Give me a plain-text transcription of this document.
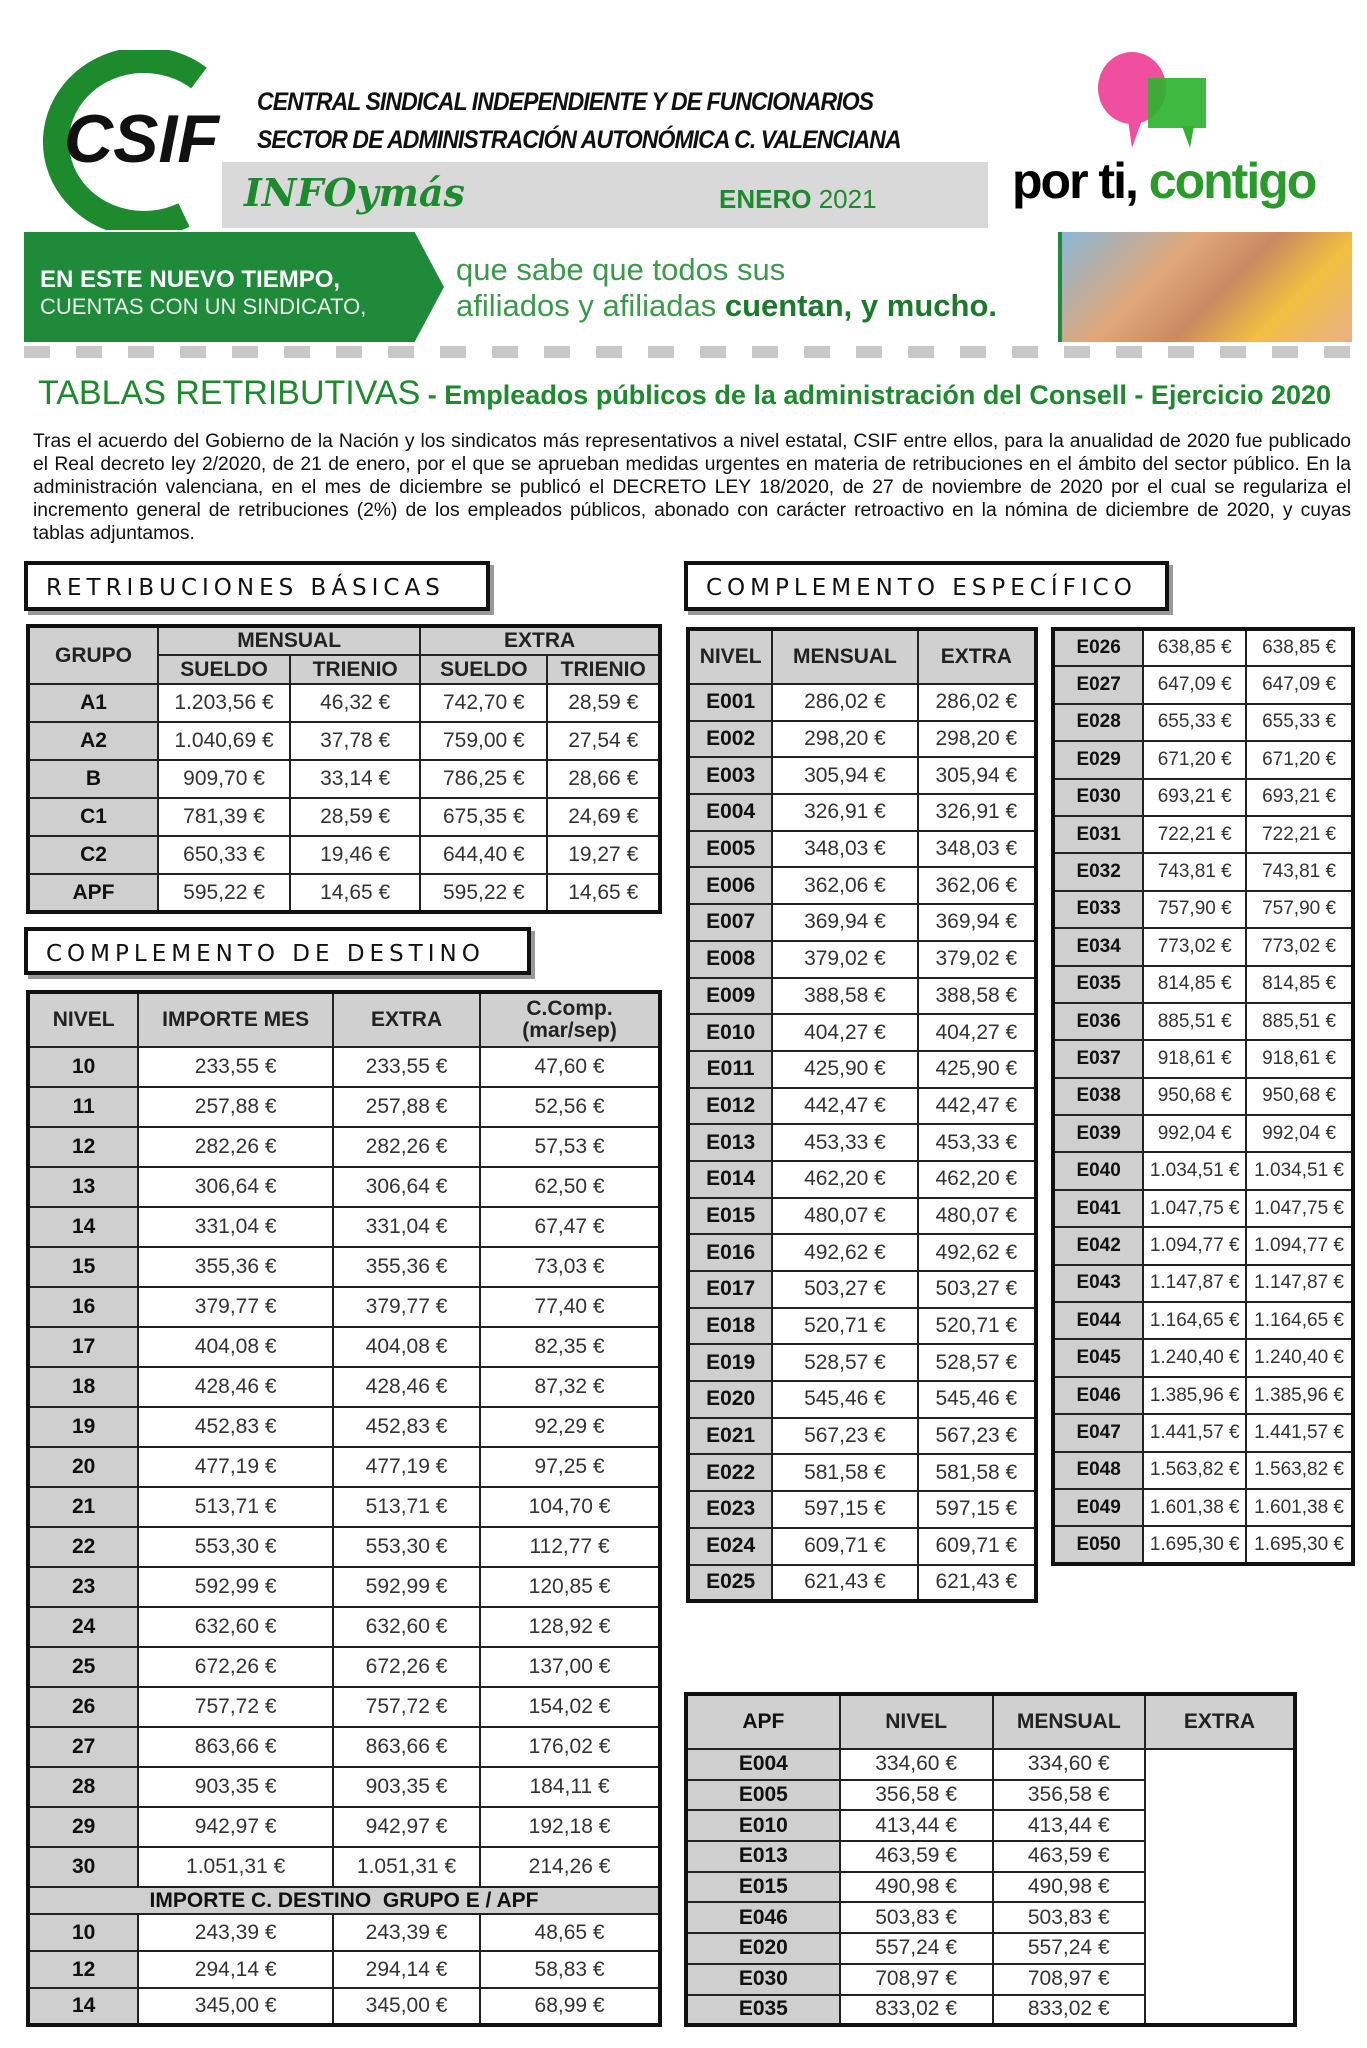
CSIF CENTRAL SINDICAL INDEPENDIENTE Y DE FUNCIONARIOS
SECTOR DE ADMINISTRACIÓN AUTONÓMICA C. VALENCIANA
INFOymás	ENERO 2021	por ti, contigo
EN ESTE NUEVO TIEMPO,
CUENTAS CON UN SINDICATO,
que sabe que todos sus
afiliados y afiliadas cuentan, y mucho.
TABLAS RETRIBUTIVAS - Empleados públicos de la administración del Consell - Ejercicio 2020
Tras el acuerdo del Gobierno de la Nación y los sindicatos más representativos a nivel estatal, CSIF entre ellos, para la anualidad de 2020 fue publicado el Real decreto ley 2/2020, de 21 de enero, por el que se aprueban medidas urgentes en materia de retribuciones en el ámbito del sector público. En la administración valenciana, en el mes de diciembre se publicó el DECRETO LEY 18/2020, de 27 de noviembre de 2020 por el cual se regulariza el incremento general de retribuciones (2%) de los empleados públicos, abonado con carácter retroactivo en la nómina de diciembre de 2020, y cuyas tablas adjuntamos.
RETRIBUCIONES BÁSICAS	COMPLEMENTO ESPECÍFICO
COMPLEMENTO DE DESTINO
GRUPO	MENSUAL		EXTRA	
	SUELDO	TRIENIO	SUELDO	TRIENIO
A1	1.203,56 €	46,32 €	742,70 €	28,59 €
A2	1.040,69 €	37,78 €	759,00 €	27,54 €
B	909,70 €	33,14 €	786,25 €	28,66 €
C1	781,39 €	28,59 €	675,35 €	24,69 €
C2	650,33 €	19,46 €	644,40 €	19,27 €
APF	595,22 €	14,65 €	595,22 €	14,65 €
NIVEL	IMPORTE MES	EXTRA	C.Comp.
(mar/sep)
10	233,55 €	233,55 €	47,60 €
11	257,88 €	257,88 €	52,56 €
12	282,26 €	282,26 €	57,53 €
13	306,64 €	306,64 €	62,50 €
14	331,04 €	331,04 €	67,47 €
15	355,36 €	355,36 €	73,03 €
16	379,77 €	379,77 €	77,40 €
17	404,08 €	404,08 €	82,35 €
18	428,46 €	428,46 €	87,32 €
19	452,83 €	452,83 €	92,29 €
20	477,19 €	477,19 €	97,25 €
21	513,71 €	513,71 €	104,70 €
22	553,30 €	553,30 €	112,77 €
23	592,99 €	592,99 €	120,85 €
24	632,60 €	632,60 €	128,92 €
25	672,26 €	672,26 €	137,00 €
26	757,72 €	757,72 €	154,02 €
27	863,66 €	863,66 €	176,02 €
28	903,35 €	903,35 €	184,11 €
29	942,97 €	942,97 €	192,18 €
30	1.051,31 €	1.051,31 €	214,26 €
IMPORTE C. DESTINO  GRUPO E / APF			
10	243,39 €	243,39 €	48,65 €
12	294,14 €	294,14 €	58,83 €
14	345,00 €	345,00 €	68,99 €
NIVEL	MENSUAL	EXTRA
E001	286,02 €	286,02 €
E002	298,20 €	298,20 €
E003	305,94 €	305,94 €
E004	326,91 €	326,91 €
E005	348,03 €	348,03 €
E006	362,06 €	362,06 €
E007	369,94 €	369,94 €
E008	379,02 €	379,02 €
E009	388,58 €	388,58 €
E010	404,27 €	404,27 €
E011	425,90 €	425,90 €
E012	442,47 €	442,47 €
E013	453,33 €	453,33 €
E014	462,20 €	462,20 €
E015	480,07 €	480,07 €
E016	492,62 €	492,62 €
E017	503,27 €	503,27 €
E018	520,71 €	520,71 €
E019	528,57 €	528,57 €
E020	545,46 €	545,46 €
E021	567,23 €	567,23 €
E022	581,58 €	581,58 €
E023	597,15 €	597,15 €
E024	609,71 €	609,71 €
E025	621,43 €	621,43 €
E026	638,85 €	638,85 €
E027	647,09 €	647,09 €
E028	655,33 €	655,33 €
E029	671,20 €	671,20 €
E030	693,21 €	693,21 €
E031	722,21 €	722,21 €
E032	743,81 €	743,81 €
E033	757,90 €	757,90 €
E034	773,02 €	773,02 €
E035	814,85 €	814,85 €
E036	885,51 €	885,51 €
E037	918,61 €	918,61 €
E038	950,68 €	950,68 €
E039	992,04 €	992,04 €
E040	1.034,51 €	1.034,51 €
E041	1.047,75 €	1.047,75 €
E042	1.094,77 €	1.094,77 €
E043	1.147,87 €	1.147,87 €
E044	1.164,65 €	1.164,65 €
E045	1.240,40 €	1.240,40 €
E046	1.385,96 €	1.385,96 €
E047	1.441,57 €	1.441,57 €
E048	1.563,82 €	1.563,82 €
E049	1.601,38 €	1.601,38 €
E050	1.695,30 €	1.695,30 €
APF	NIVEL	MENSUAL	EXTRA
E004	334,60 €	334,60 €	
E005	356,58 €	356,58 €	
E010	413,44 €	413,44 €	
E013	463,59 €	463,59 €	
E015	490,98 €	490,98 €	
E046	503,83 €	503,83 €	
E020	557,24 €	557,24 €	
E030	708,97 €	708,97 €	
E035	833,02 €	833,02 €	
